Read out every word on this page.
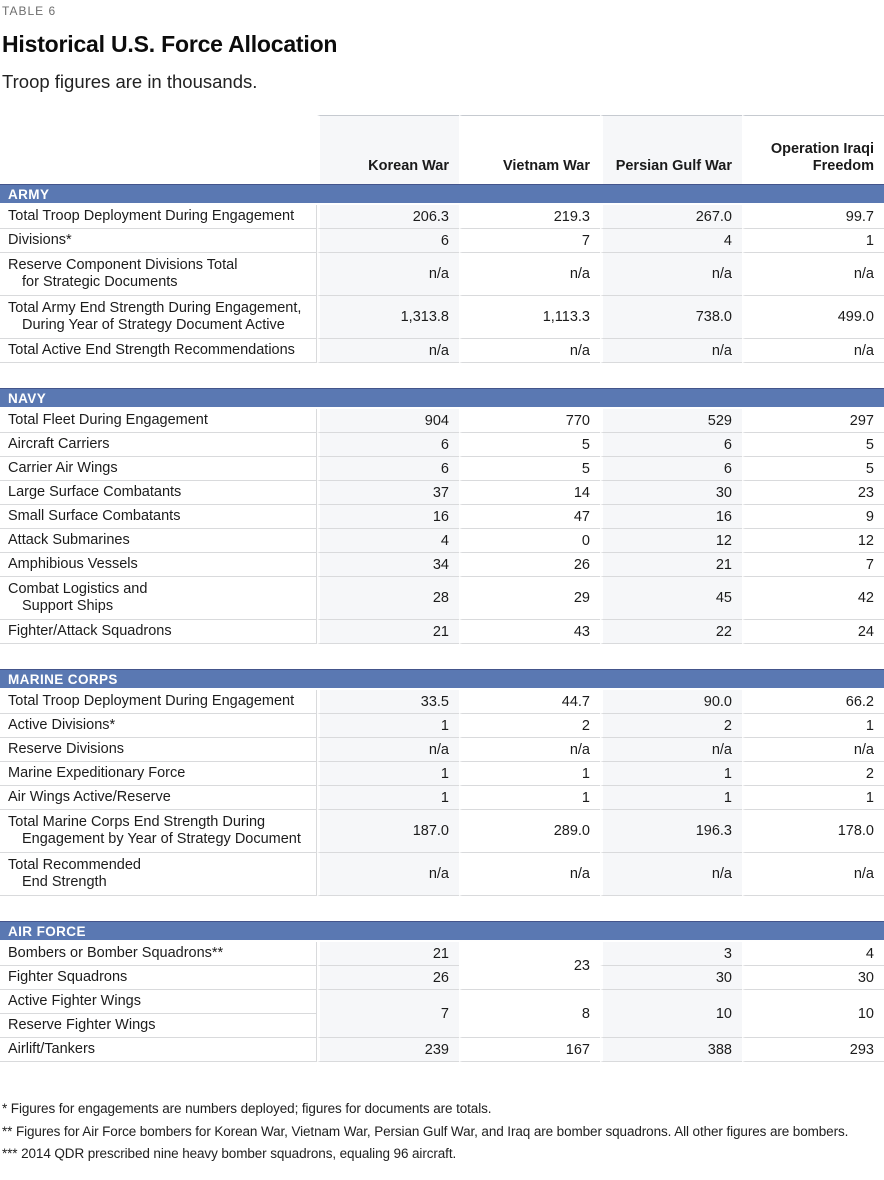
TABLE 6
Historical U.S. Force Allocation
Troop figures are in thousands.
	Korean War	Vietnam War	Persian Gulf War	Operation Iraqi Freedom
ARMY				
Total Troop Deployment During Engagement	206.3	219.3	267.0	99.7
Divisions*	6	7	4	1
Reserve Component Divisions Total
for Strategic Documents	n/a	n/a	n/a	n/a
Total Army End Strength During Engagement,
During Year of Strategy Document Active	1,313.8	1,113.3	738.0	499.0
Total Active End Strength Recommendations	n/a	n/a	n/a	n/a

NAVY				
Total Fleet During Engagement	904	770	529	297
Aircraft Carriers	6	5	6	5
Carrier Air Wings	6	5	6	5
Large Surface Combatants	37	14	30	23
Small Surface Combatants	16	47	16	9
Attack Submarines	4	0	12	12
Amphibious Vessels	34	26	21	7
Combat Logistics and
Support Ships	28	29	45	42
Fighter/Attack Squadrons	21	43	22	24

MARINE CORPS				
Total Troop Deployment During Engagement	33.5	44.7	90.0	66.2
Active Divisions*	1	2	2	1
Reserve Divisions	n/a	n/a	n/a	n/a
Marine Expeditionary Force	1	1	1	2
Air Wings Active/Reserve	1	1	1	1
Total Marine Corps End Strength During
Engagement by Year of Strategy Document	187.0	289.0	196.3	178.0
Total Recommended
End Strength	n/a	n/a	n/a	n/a

AIR FORCE				
Bombers or Bomber Squadrons**	21	23	3	4
Fighter Squadrons	26		30	30
Active Fighter Wings	7	8	10	10
Reserve Fighter Wings				
Airlift/Tankers	239	167	388	293

* Figures for engagements are numbers deployed; figures for documents are totals.

** Figures for Air Force bombers for Korean War, Vietnam War, Persian Gulf War, and Iraq are bomber squadrons. All other figures are bombers.

*** 2014 QDR prescribed nine heavy bomber squadrons, equaling 96 aircraft.
